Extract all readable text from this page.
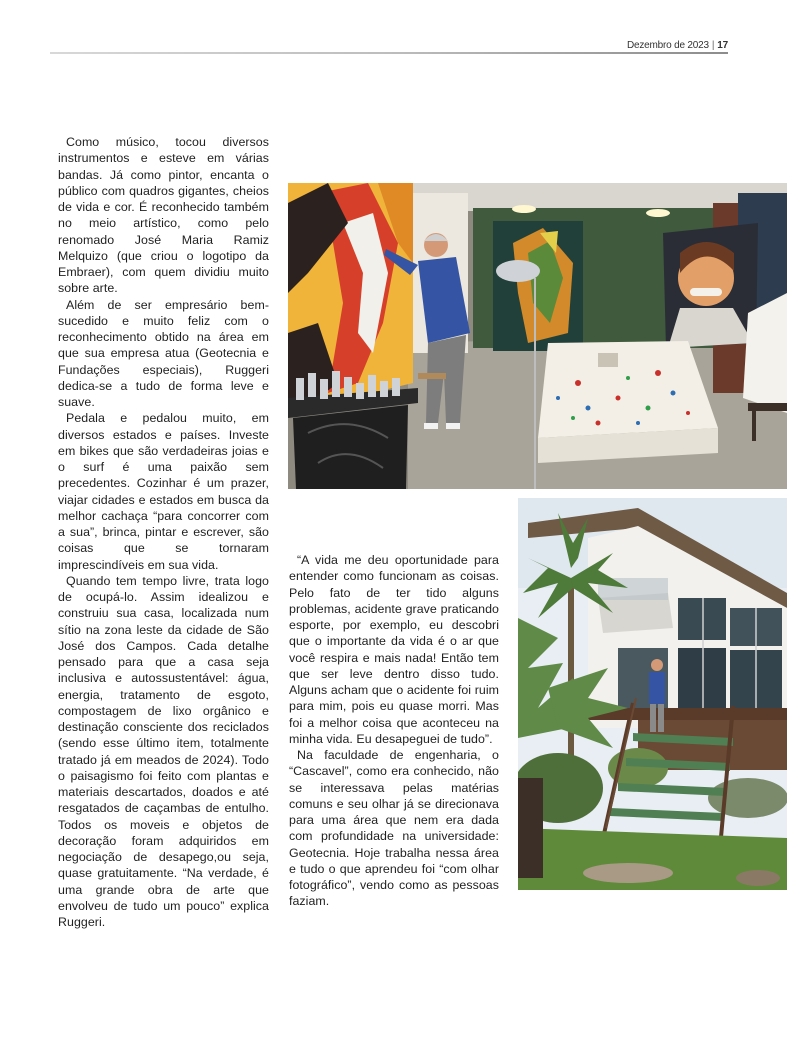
Dezembro de 2023 | 17

Como músico, tocou diversos instrumentos e esteve em várias bandas. Já como pintor, encanta o público com quadros gigantes, cheios de vida e cor. É reconhecido também no meio artístico, como pelo renomado José Maria Ramiz Melquizo (que criou o logotipo da Embraer), com quem dividiu muito sobre arte.

Além de ser empresário bem-sucedido e muito feliz com o reconhecimento obtido na área em que sua empresa atua (Geotecnia e Fundações especiais), Ruggeri dedica-se a tudo de forma leve e suave.

Pedala e pedalou muito, em diversos estados e países. Investe em bikes que são verdadeiras joias e o surf é uma paixão sem precedentes. Cozinhar é um prazer, viajar cidades e estados em busca da melhor cachaça “para concorrer com a sua”, brinca, pintar e escrever, são coisas que se tornaram imprescindíveis em sua vida.

Quando tem tempo livre, trata logo de ocupá-lo. Assim idealizou e construiu sua casa, localizada num sítio na zona leste da cidade de São José dos Campos. Cada detalhe pensado para que a casa seja inclusiva e autossustentável: água, energia, tratamento de esgoto, compostagem de lixo orgânico e destinação consciente dos reciclados (sendo esse último item, totalmente tratado já em meados de 2024). Todo o paisagismo foi feito com plantas e materiais descartados, doados e até resgatados de caçambas de entulho. Todos os moveis e objetos de decoração foram adquiridos em negociação de desapego,ou seja, quase gratuitamente. “Na verdade, é uma grande obra de arte que envolveu de tudo um pouco” explica Ruggeri.

“A vida me deu oportunidade para entender como funcionam as coisas. Pelo fato de ter tido alguns problemas, acidente grave praticando esporte, por exemplo, eu descobri que o importante da vida é o ar que você respira e mais nada! Então tem que ser leve dentro disso tudo. Alguns acham que o acidente foi ruim para mim, pois eu quase morri. Mas foi a melhor coisa que aconteceu na minha vida. Eu desapeguei de tudo”.

Na faculdade de engenharia, o “Cascavel”, como era conhecido, não se interessava pelas matérias comuns e seu olhar já se direcionava para uma área que nem era dada com profundidade na universidade: Geotecnia. Hoje trabalha nessa área e tudo o que aprendeu foi “com olhar fotográfico”, vendo como as pessoas faziam.

Foto: Divulgação
